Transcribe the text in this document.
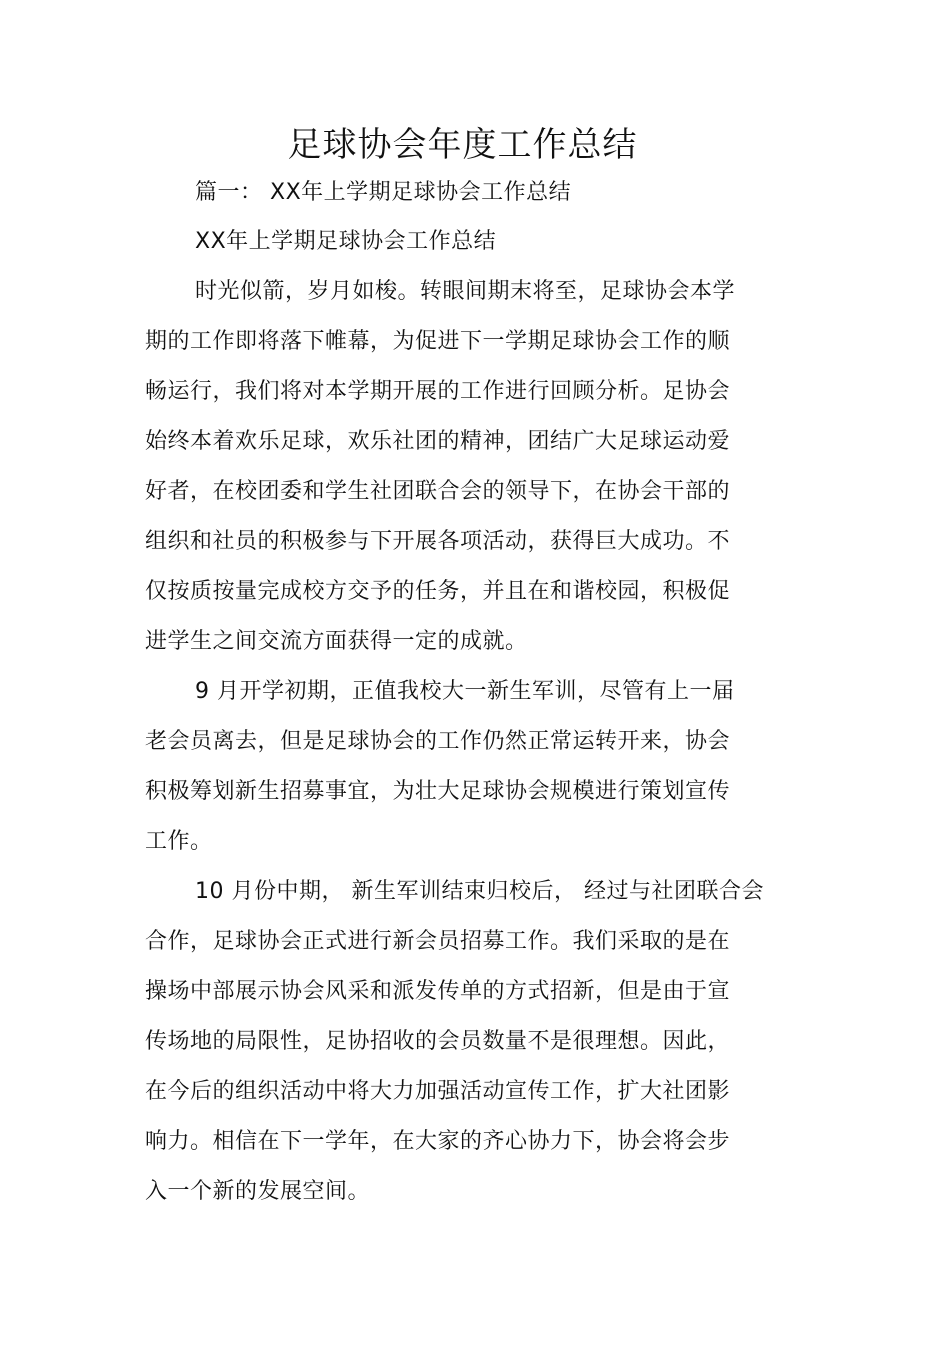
足球协会年度工作总结
篇一： XX年上学期足球协会工作总结
XX年上学期足球协会工作总结
时光似箭，岁月如梭。转眼间期末将至，足球协会本学
期的工作即将落下帷幕，为促进下一学期足球协会工作的顺
畅运行，我们将对本学期开展的工作进行回顾分析。足协会
始终本着欢乐足球，欢乐社团的精神，团结广大足球运动爱
好者，在校团委和学生社团联合会的领导下，在协会干部的
组织和社员的积极参与下开展各项活动，获得巨大成功。不
仅按质按量完成校方交予的任务，并且在和谐校园，积极促
进学生之间交流方面获得一定的成就。
9 月开学初期，正值我校大一新生军训，尽管有上一届
老会员离去，但是足球协会的工作仍然正常运转开来，协会
积极筹划新生招募事宜，为壮大足球协会规模进行策划宣传
工作。
10 月份中期， 新生军训结束归校后， 经过与社团联合会
合作，足球协会正式进行新会员招募工作。我们采取的是在
操场中部展示协会风采和派发传单的方式招新，但是由于宣
传场地的局限性，足协招收的会员数量不是很理想。因此，
在今后的组织活动中将大力加强活动宣传工作，扩大社团影
响力。相信在下一学年，在大家的齐心协力下，协会将会步
入一个新的发展空间。
